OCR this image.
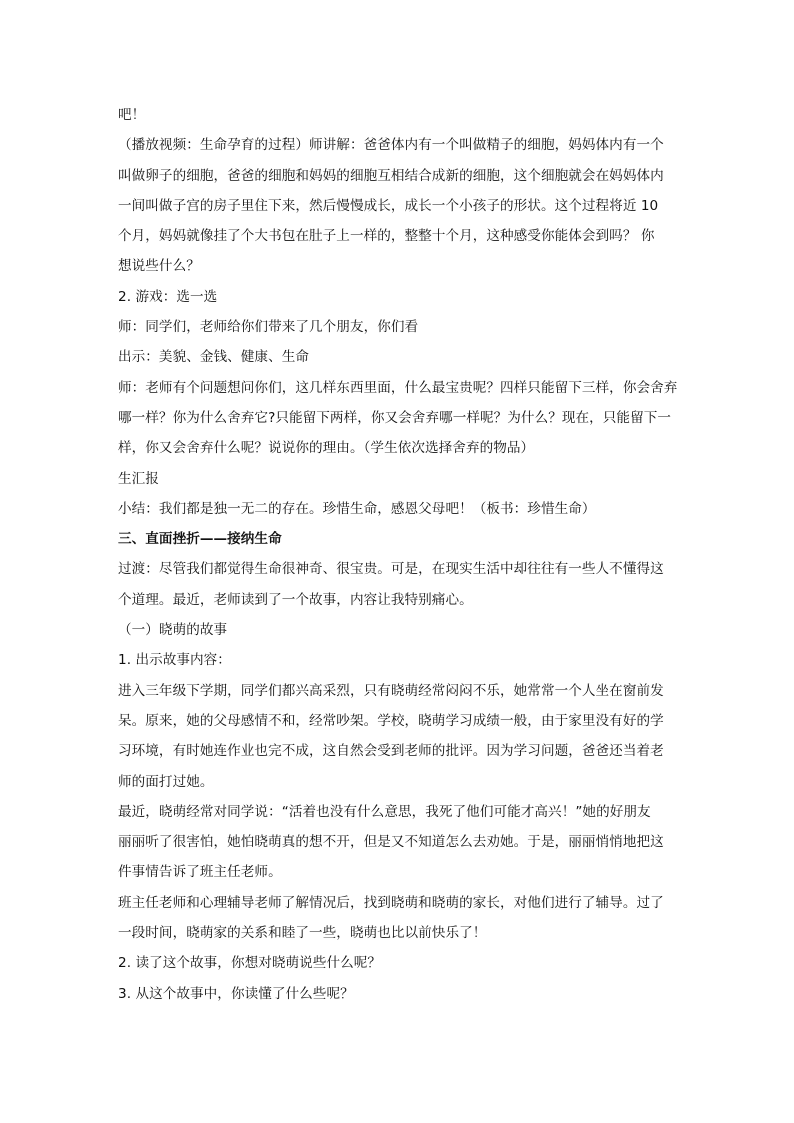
吧！

（播放视频：生命孕育的过程）师讲解：爸爸体内有一个叫做精子的细胞，妈妈体内有一个

叫做卵子的细胞，爸爸的细胞和妈妈的细胞互相结合成新的细胞，这个细胞就会在妈妈体内

一间叫做子宫的房子里住下来，然后慢慢成长，成长一个小孩子的形状。这个过程将近 10

个月，妈妈就像挂了个大书包在肚子上一样的，整整十个月，这种感受你能体会到吗？ 你

想说些什么？

2. 游戏：选一选

师：同学们，老师给你们带来了几个朋友，你们看

出示：美貌、金钱、健康、生命

师：老师有个问题想问你们，这几样东西里面，什么最宝贵呢？四样只能留下三样，你会舍弃

哪一样？你为什么舍弃它?只能留下两样，你又会舍弃哪一样呢？为什么？现在，只能留下一

样，你又会舍弃什么呢？说说你的理由。（学生依次选择舍弃的物品）

生汇报

小结：我们都是独一无二的存在。珍惜生命，感恩父母吧！（板书：珍惜生命）

三、直面挫折——接纳生命

过渡：尽管我们都觉得生命很神奇、很宝贵。可是，在现实生活中却往往有一些人不懂得这

个道理。最近，老师读到了一个故事，内容让我特别痛心。

（一）晓萌的故事

1. 出示故事内容：

进入三年级下学期，同学们都兴高采烈，只有晓萌经常闷闷不乐，她常常一个人坐在窗前发

呆。原来，她的父母感情不和，经常吵架。学校，晓萌学习成绩一般，由于家里没有好的学

习环境，有时她连作业也完不成，这自然会受到老师的批评。因为学习问题，爸爸还当着老

师的面打过她。

最近，晓萌经常对同学说：“活着也没有什么意思，我死了他们可能才高兴！”她的好朋友

丽丽听了很害怕，她怕晓萌真的想不开，但是又不知道怎么去劝她。于是，丽丽悄悄地把这

件事情告诉了班主任老师。

班主任老师和心理辅导老师了解情况后，找到晓萌和晓萌的家长，对他们进行了辅导。过了

一段时间，晓萌家的关系和睦了一些，晓萌也比以前快乐了！

2. 读了这个故事，你想对晓萌说些什么呢？

3. 从这个故事中，你读懂了什么些呢？
